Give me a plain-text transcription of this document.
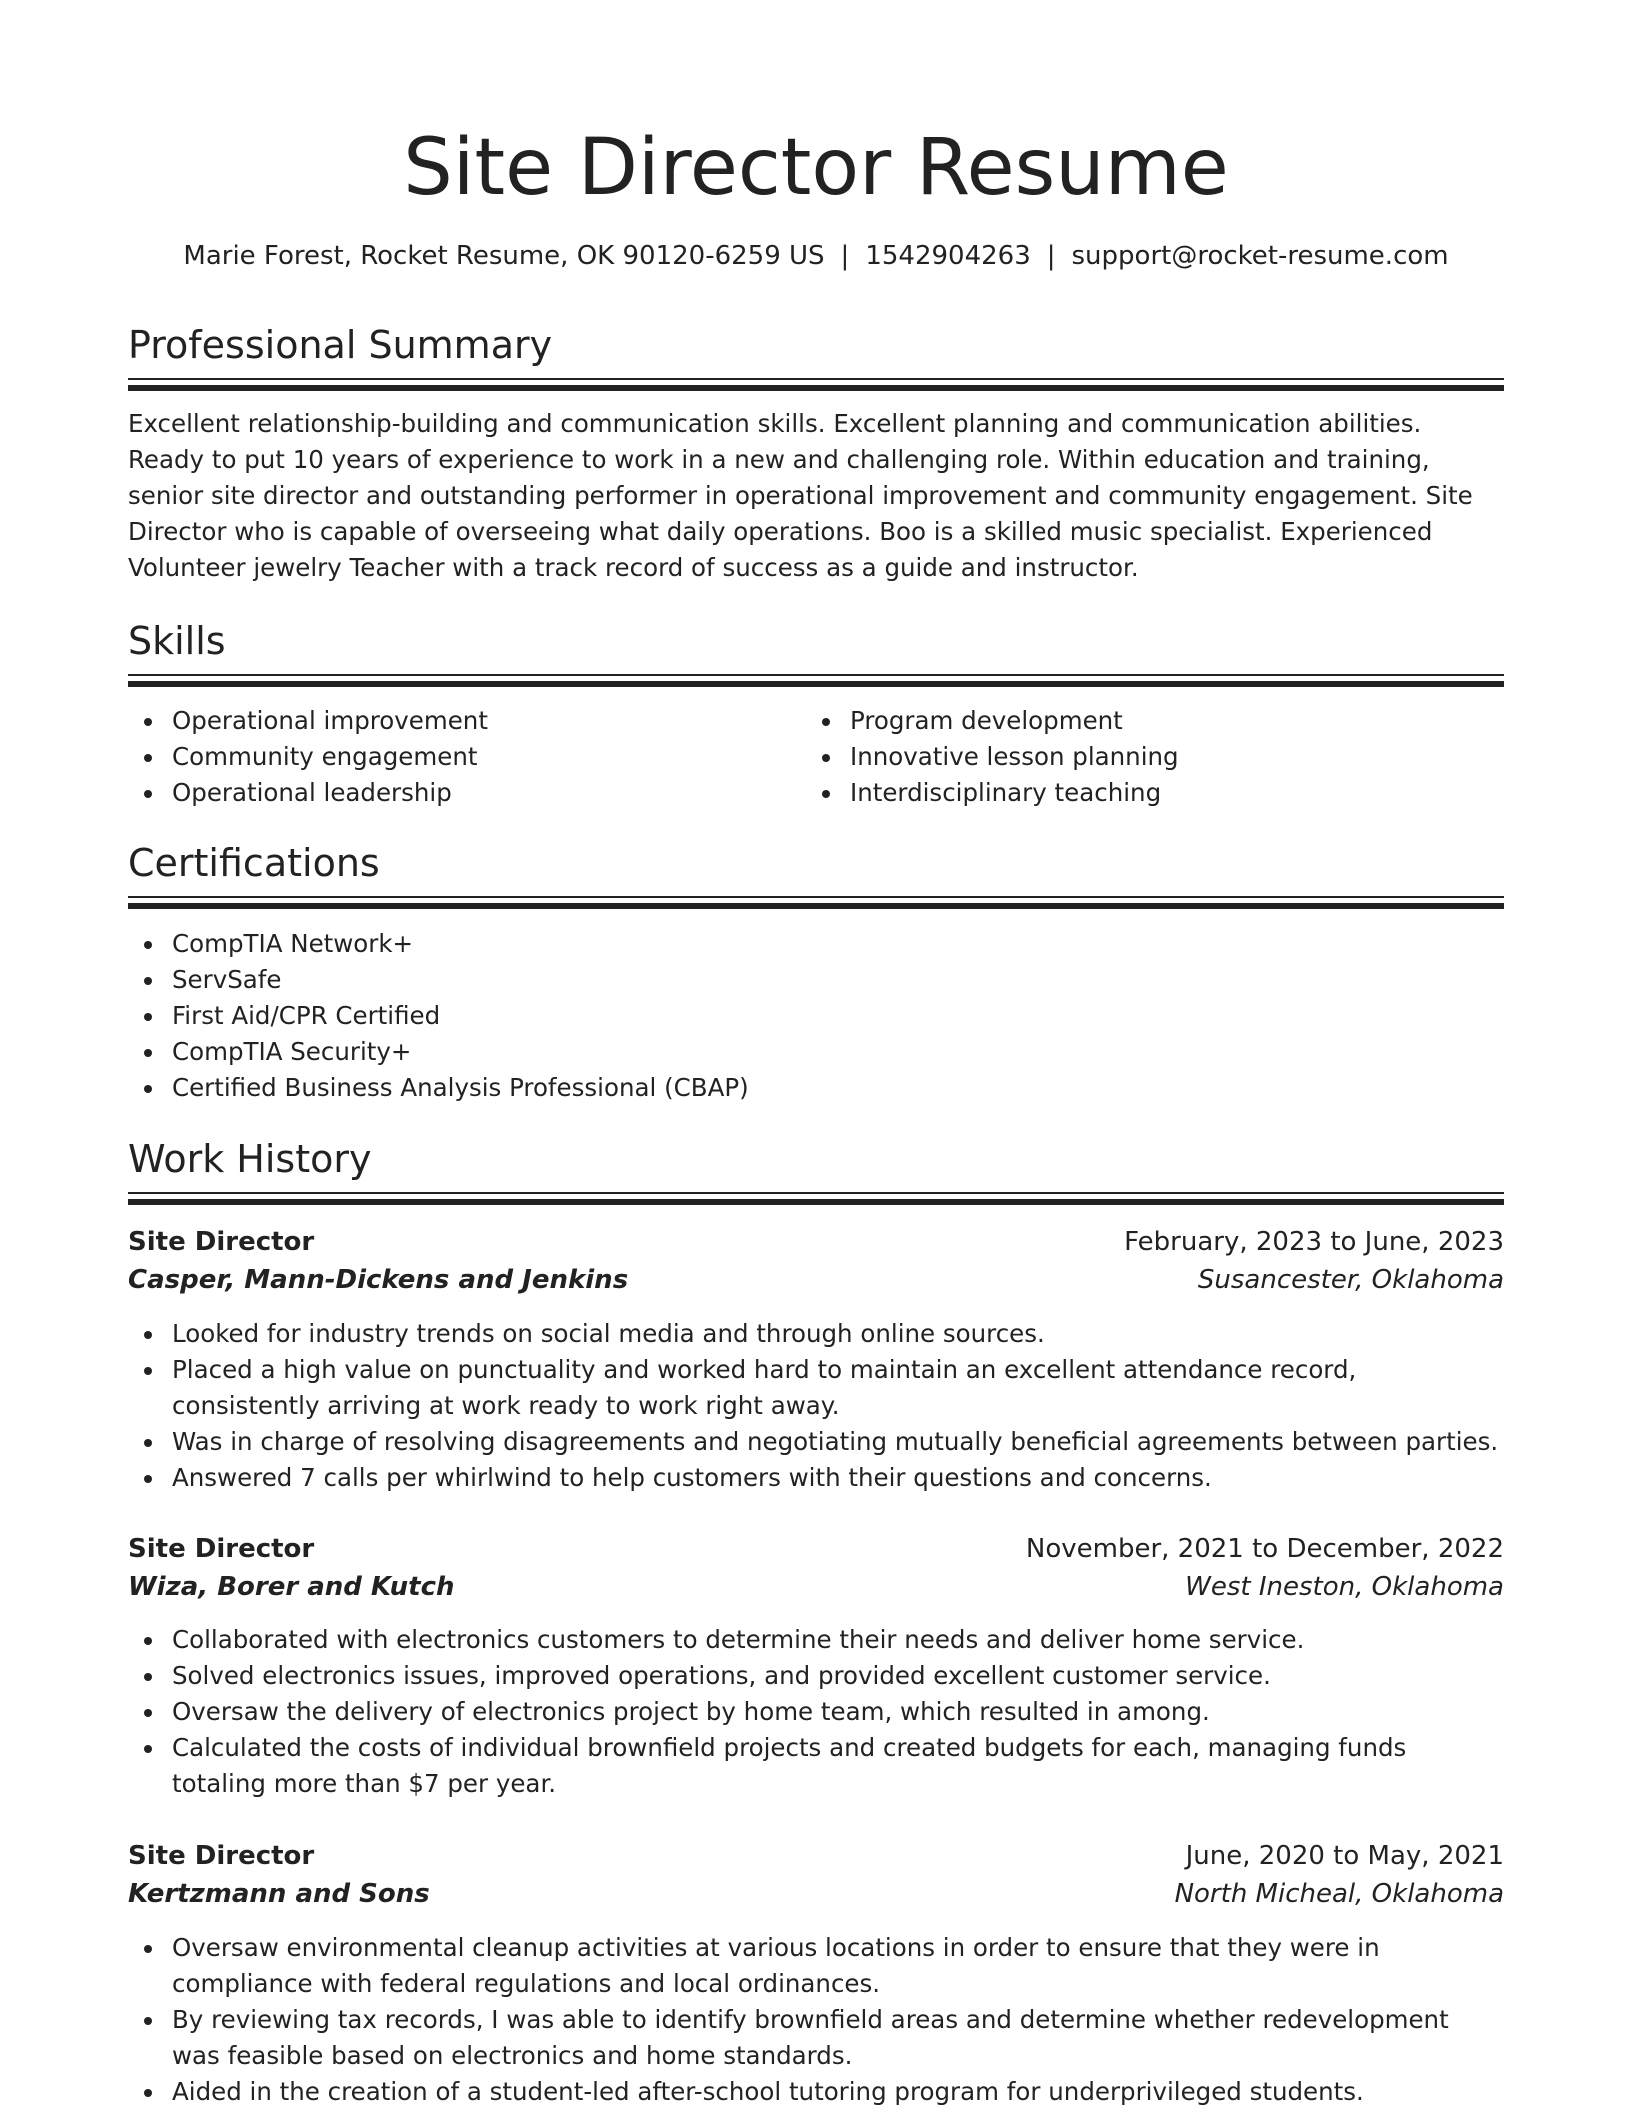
Site Director Resume
Marie Forest, Rocket Resume, OK 90120-6259 US | 1542904263 | support@rocket-resume.com
Professional Summary
Excellent relationship-building and communication skills. Excellent planning and communication abilities. Ready to put 10 years of experience to work in a new and challenging role. Within education and training, senior site director and outstanding performer in operational improvement and community engagement. Site Director who is capable of overseeing what daily operations. Boo is a skilled music specialist. Experienced Volunteer jewelry Teacher with a track record of success as a guide and instructor.
Skills
Operational improvement
Community engagement
Operational leadership
Program development
Innovative lesson planning
Interdisciplinary teaching
Certifications
CompTIA Network+
ServSafe
First Aid/CPR Certified
CompTIA Security+
Certified Business Analysis Professional (CBAP)
Work History
Site Director	February, 2023 to June, 2023
Casper, Mann-Dickens and Jenkins	Susancester, Oklahoma
Looked for industry trends on social media and through online sources.
Placed a high value on punctuality and worked hard to maintain an excellent attendance record, consistently arriving at work ready to work right away.
Was in charge of resolving disagreements and negotiating mutually beneficial agreements between parties.
Answered 7 calls per whirlwind to help customers with their questions and concerns.
Site Director	November, 2021 to December, 2022
Wiza, Borer and Kutch	West Ineston, Oklahoma
Collaborated with electronics customers to determine their needs and deliver home service.
Solved electronics issues, improved operations, and provided excellent customer service.
Oversaw the delivery of electronics project by home team, which resulted in among.
Calculated the costs of individual brownfield projects and created budgets for each, managing funds totaling more than $7 per year.
Site Director	June, 2020 to May, 2021
Kertzmann and Sons	North Micheal, Oklahoma
Oversaw environmental cleanup activities at various locations in order to ensure that they were in compliance with federal regulations and local ordinances.
By reviewing tax records, I was able to identify brownfield areas and determine whether redevelopment was feasible based on electronics and home standards.
Aided in the creation of a student-led after-school tutoring program for underprivileged students.
